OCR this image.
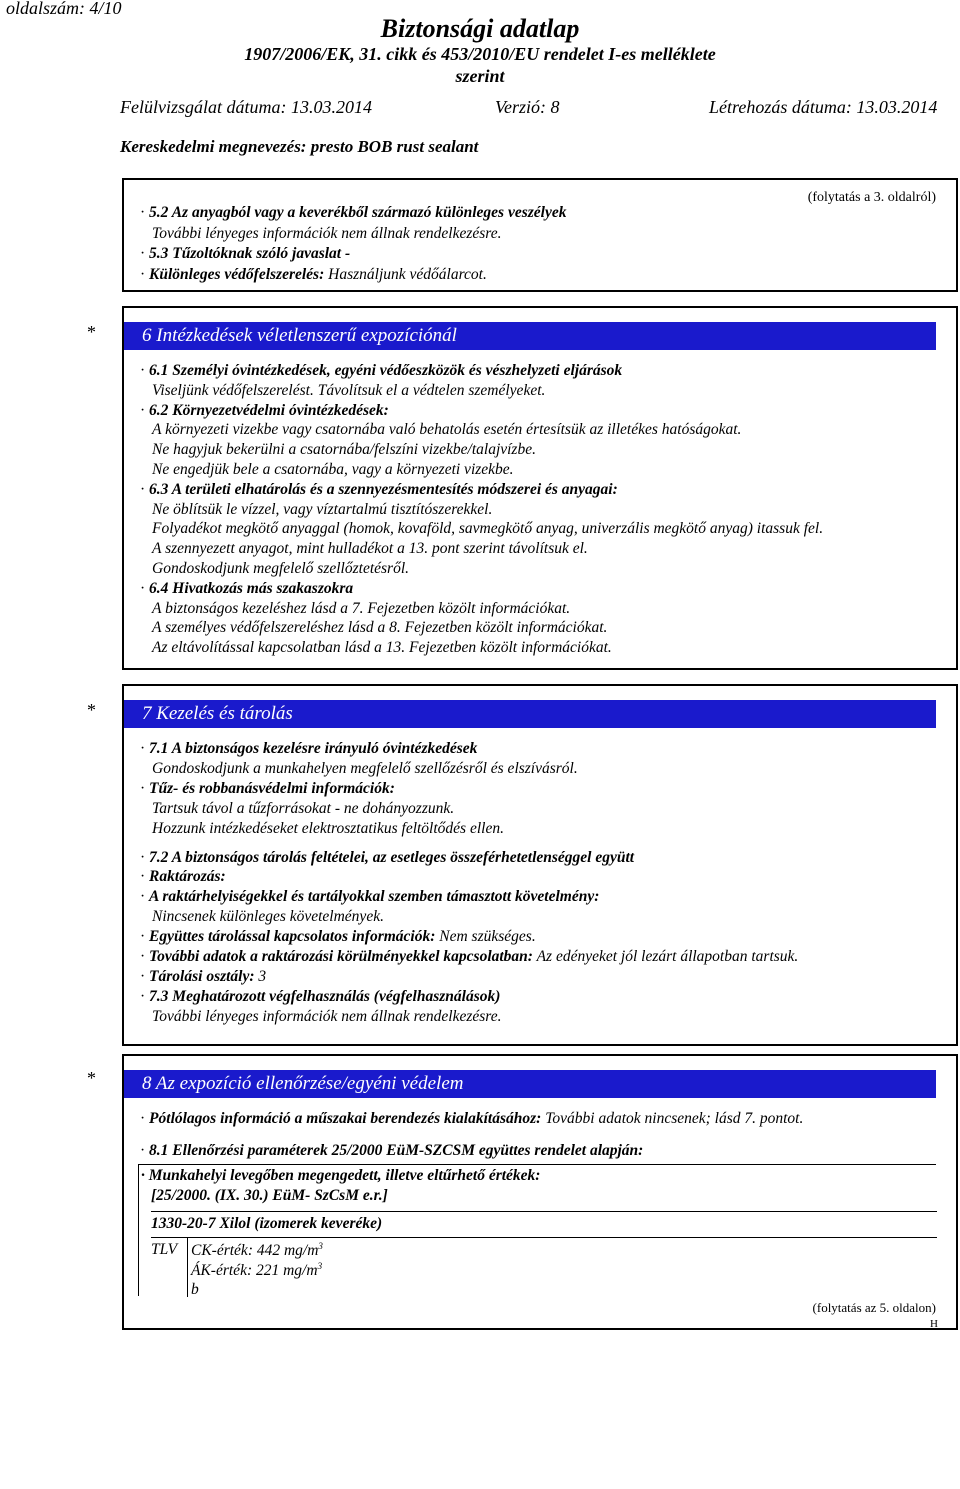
oldalszám: 4/10
Biztonsági adatlap
1907/2006/EK, 31. cikk és 453/2010/EU rendelet I-es melléklete
szerint
Felülvizsgálat dátuma: 13.03.2014	Verzió: 8	Létrehozás dátuma: 13.03.2014
Kereskedelmi megnevezés: presto BOB rust sealant
(folytatás a 3. oldalról)
· 5.2 Az anyagból vagy a keverékből származó különleges veszélyek
További lényeges információk nem állnak rendelkezésre.
· 5.3 Tűzoltóknak szóló javaslat -
· Különleges védőfelszerelés: Használjunk védőálarcot.
*	6 Intézkedések véletlenszerű expozíciónál
· 6.1 Személyi óvintézkedések, egyéni védőeszközök és vészhelyzeti eljárások
Viseljünk védőfelszerelést. Távolítsuk el a védtelen személyeket.
· 6.2 Környezetvédelmi óvintézkedések:
A környezeti vizekbe vagy csatornába való behatolás esetén értesítsük az illetékes hatóságokat.
Ne hagyjuk bekerülni a csatornába/felszíni vizekbe/talajvízbe.
Ne engedjük bele a csatornába, vagy a környezeti vizekbe.
· 6.3 A területi elhatárolás és a szennyezésmentesítés módszerei és anyagai:
Ne öblítsük le vízzel, vagy víztartalmú tisztítószerekkel.
Folyadékot megkötő anyaggal (homok, kovaföld, savmegkötő anyag, univerzális megkötő anyag) itassuk fel.
A szennyezett anyagot, mint hulladékot a 13. pont szerint távolítsuk el.
Gondoskodjunk megfelelő szellőztetésről.
· 6.4 Hivatkozás más szakaszokra
A biztonságos kezeléshez lásd a 7. Fejezetben közölt információkat.
A személyes védőfelszereléshez lásd a 8. Fejezetben közölt információkat.
Az eltávolítással kapcsolatban lásd a 13. Fejezetben közölt információkat.
*	7 Kezelés és tárolás
· 7.1 A biztonságos kezelésre irányuló óvintézkedések
Gondoskodjunk a munkahelyen megfelelő szellőzésről és elszívásról.
· Tűz- és robbanásvédelmi információk:
Tartsuk távol a tűzforrásokat - ne dohányozzunk.
Hozzunk intézkedéseket elektrosztatikus feltöltődés ellen.
· 7.2 A biztonságos tárolás feltételei, az esetleges összeférhetetlenséggel együtt
· Raktározás:
· A raktárhelyiségekkel és tartályokkal szemben támasztott követelmény:
Nincsenek különleges követelmények.
· Együttes tárolással kapcsolatos információk: Nem szükséges.
· További adatok a raktározási körülményekkel kapcsolatban: Az edényeket jól lezárt állapotban tartsuk.
· Tárolási osztály: 3
· 7.3 Meghatározott végfelhasználás (végfelhasználások)
További lényeges információk nem állnak rendelkezésre.
*	8 Az expozíció ellenőrzése/egyéni védelem
· Pótlólagos információ a műszakai berendezés kialakításához: További adatok nincsenek; lásd 7. pontot.
· 8.1 Ellenőrzési paraméterek 25/2000 EüM-SZCSM együttes rendelet alapján:
· Munkahelyi levegőben megengedett, illetve eltűrhető értékek:
[25/2000. (IX. 30.) EüM- SzCsM e.r.]
1330-20-7 Xilol (izomerek keveréke)
TLV CK-érték: 442 $mg/m^3$
ÁK-érték: 221 $mg/m^3$
b
(folytatás az 5. oldalon)
H
